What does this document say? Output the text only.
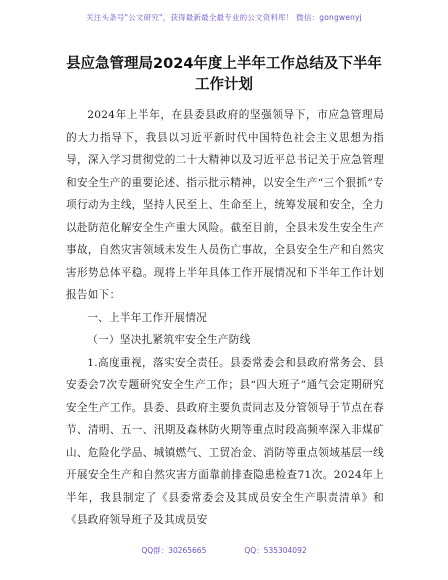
关注头条号"公文研究"，获得最新最全最专业的公文资料库！ 微信：gongwenyj
县应急管理局2024年度上半年工作总结及下半年工作计划

2024年上半年，在县委县政府的坚强领导下，市应急管理局的大力指导下，我县以习近平新时代中国特色社会主义思想为指导，深入学习贯彻党的二十大精神以及习近平总书记关于应急管理和安全生产的重要论述、指示批示精神，以安全生产“三个狠抓”专项行动为主线，坚持人民至上、生命至上，统筹发展和安全，全力以赴防范化解安全生产重大风险。截至目前，全县未发生安全生产事故，自然灾害领域未发生人员伤亡事故，全县安全生产和自然灾害形势总体平稳。现将上半年具体工作开展情况和下半年工作计划报告如下：

一、上半年工作开展情况

（一）坚决扎紧筑牢安全生产防线

1.高度重视，落实安全责任。县委常委会和县政府常务会、县安委会7次专题研究安全生产工作；县“四大班子”通气会定期研究安全生产工作。县委、县政府主要负责同志及分管领导于节点在春节、清明、五一、汛期及森林防火期等重点时段高频率深入非煤矿山、危险化学品、城镇燃气、工贸冶金、消防等重点领域基层一线开展安全生产和自然灾害方面靠前排查隐患检查71次。2024年上半年，我县制定了《县委常委会及其成员安全生产职责清单》和《县政府领导班子及其成员安

QQ群：30265665	QQ：535304092
